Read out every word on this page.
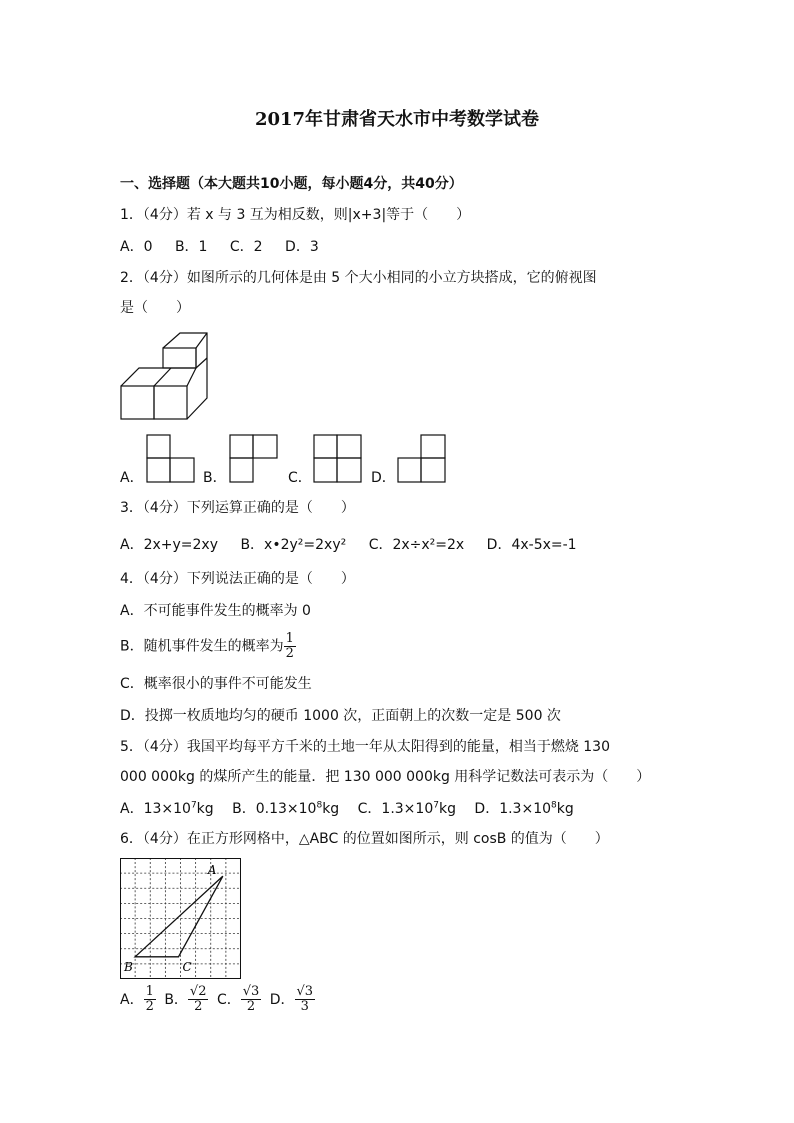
2017年甘肃省天水市中考数学试卷
一、选择题（本大题共10小题，每小题4分，共40分）
1．（4分）若 x 与 3 互为相反数，则|x+3|等于（　　）
A．0 B．1 C．2 D．3
2．（4分）如图所示的几何体是由 5 个大小相同的小立方块搭成，它的俯视图
是（　　）
A．	B．	C．	D．
3．（4分）下列运算正确的是（　　）
A．2x+y=2xy B．x•2y²=2xy² C．2x÷x²=2x D．4x-5x=-1
4．（4分）下列说法正确的是（　　）
A．不可能事件发生的概率为 0
B．随机事件发生的概率为 $\frac{1}{2}$
C．概率很小的事件不可能发生
D．投掷一枚质地均匀的硬币 1000 次，正面朝上的次数一定是 500 次
5．（4分）我国平均每平方千米的土地一年从太阳得到的能量，相当于燃烧 130
000 000kg 的煤所产生的能量．把 130 000 000kg 用科学记数法可表示为（　　）
A．$13\times 10^7kg$ B．$0.13\times 10^8kg$ C．$1.3\times 10^7kg$ D．$1.3\times 10^8kg$
6．（4分）在正方形网格中，△ABC 的位置如图所示，则 cosB 的值为（　　）
A
B	C
A． $\frac{1}{2}$ B． $\frac{√2}{2}$ C． $\frac{√3}{2}$ D． $\frac{√3}{3}$
